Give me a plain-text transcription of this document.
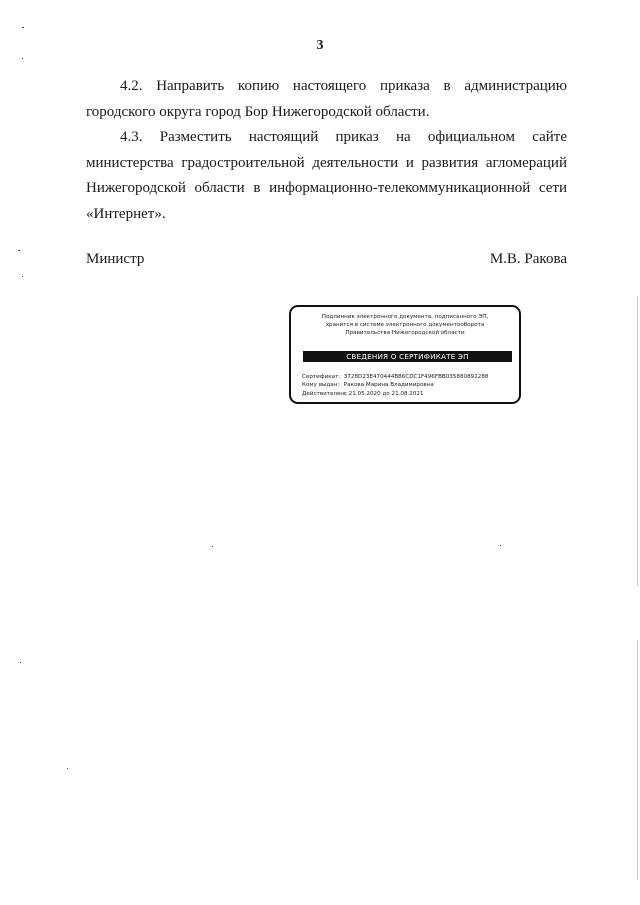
3

4.2. Направить копию настоящего приказа в администрацию городского округа город Бор Нижегородской области.

4.3. Разместить настоящий приказ на официальном сайте министерства градостроительной деятельности и развития агломераций Нижегородской области в информационно-телекоммуникационной сети «Интернет».

Министр	М.В. Ракова
Подлинник электронного документа, подписанного ЭП,
хранится в системе электронного документооборота
Правительства Нижегородской области
СВЕДЕНИЯ О СЕРТИФИКАТЕ ЭП
Сертификат: 3728D23E470444B86CDC1F496FBB035880891288
Кому выдан: Ракова Марина Владимировна
Действителен: с 21.05.2020 до 21.08.2021
